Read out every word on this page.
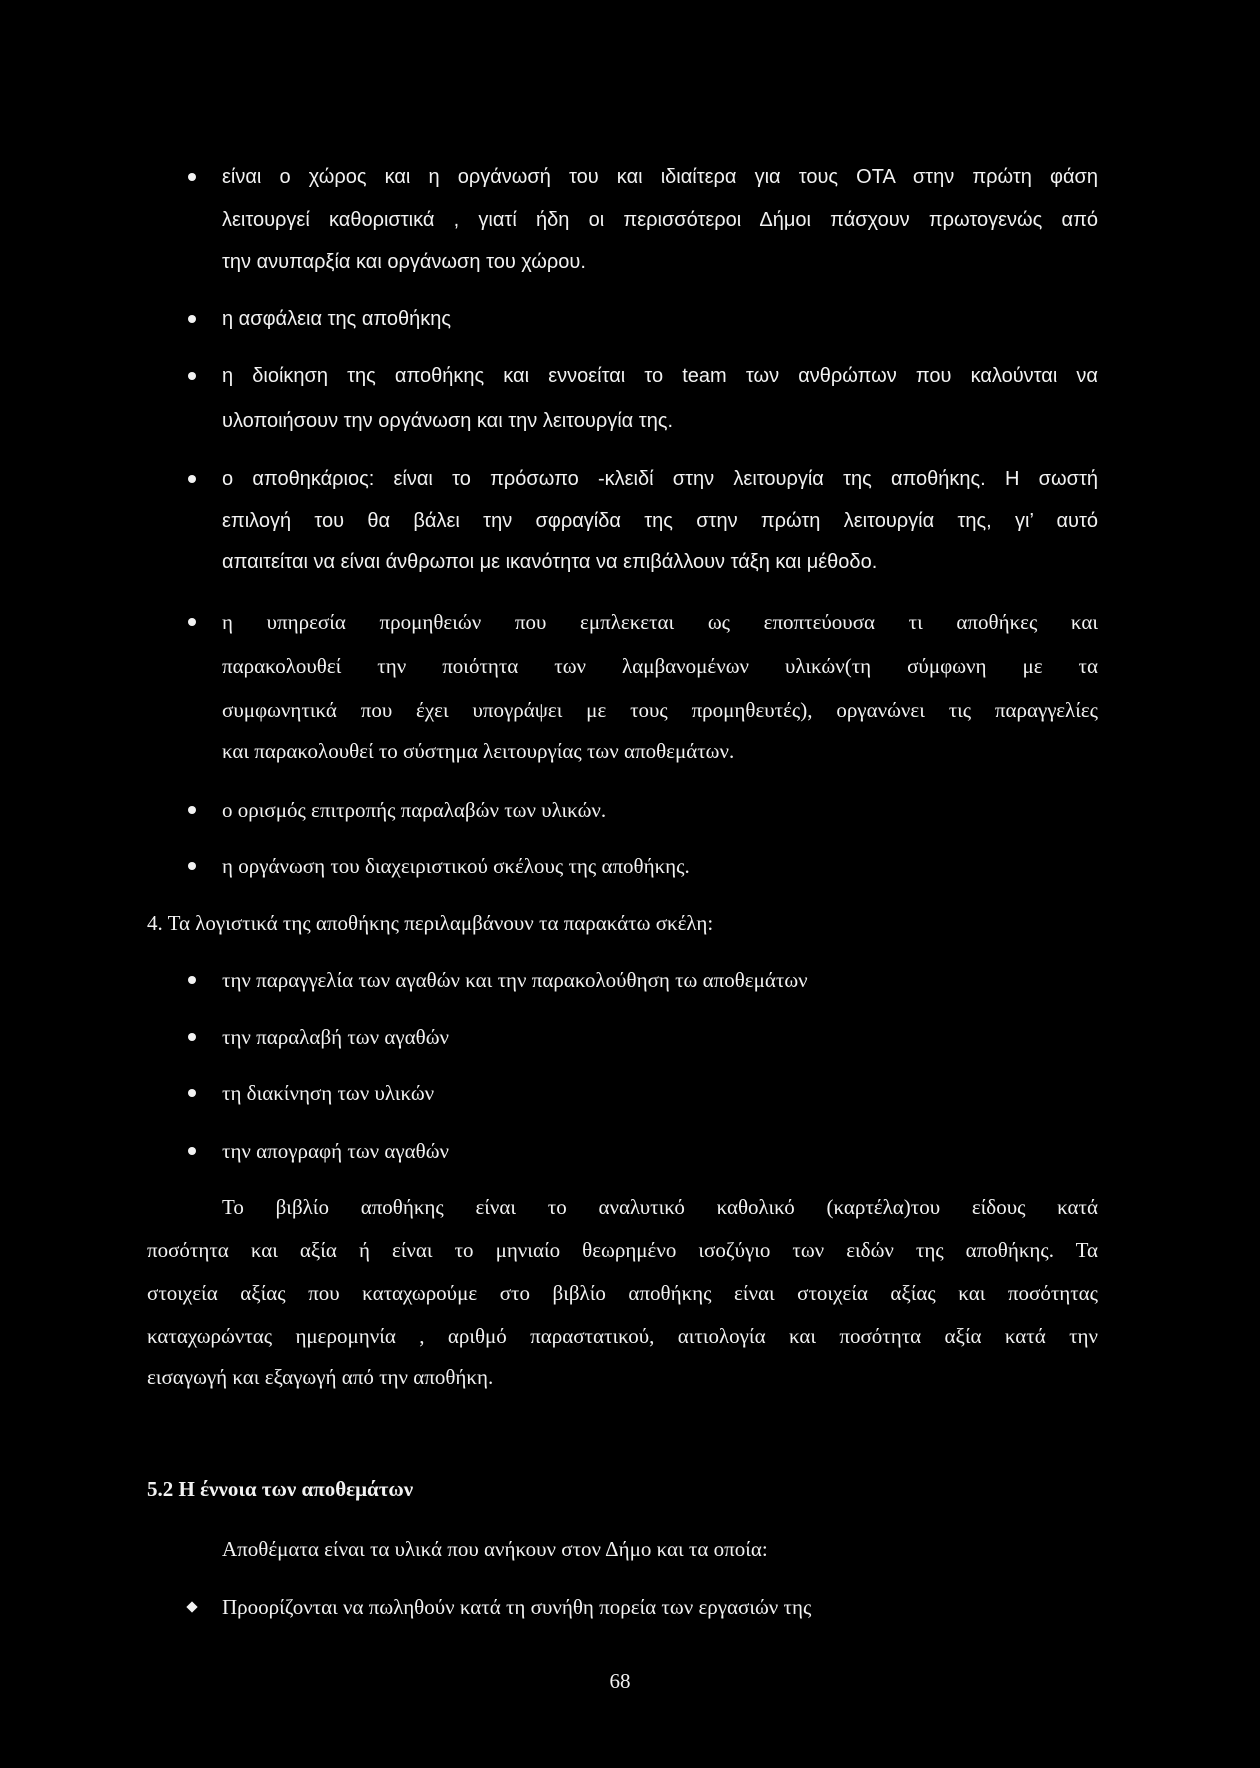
είναι ο χώρος και η οργάνωσή του και ιδιαίτερα για τους ΟΤΑ στην πρώτη φάση
λειτουργεί καθοριστικά , γιατί ήδη οι περισσότεροι Δήμοι πάσχουν πρωτογενώς από
την ανυπαρξία και οργάνωση του χώρου.
η ασφάλεια της αποθήκης
η διοίκηση της αποθήκης και εννοείται το team των ανθρώπων που καλούνται να
υλοποιήσουν την οργάνωση και την λειτουργία της.
ο αποθηκάριος: είναι το πρόσωπο -κλειδί στην λειτουργία της αποθήκης. Η σωστή
επιλογή του θα βάλει την σφραγίδα της στην πρώτη λειτουργία της, γι’ αυτό
απαιτείται να είναι άνθρωποι με ικανότητα να επιβάλλουν τάξη και μέθοδο.
η υπηρεσία προμηθειών που εμπλεκεται ως εποπτεύουσα τι αποθήκες και
παρακολουθεί την ποιότητα των λαμβανομένων υλικών(τη σύμφωνη με τα
συμφωνητικά που έχει υπογράψει με τους προμηθευτές), οργανώνει τις παραγγελίες
και παρακολουθεί το σύστημα λειτουργίας των αποθεμάτων.
ο ορισμός επιτροπής παραλαβών των υλικών.
η οργάνωση του διαχειριστικού σκέλους της αποθήκης.
4. Τα λογιστικά της αποθήκης περιλαμβάνουν τα παρακάτω σκέλη:
την παραγγελία των αγαθών και την παρακολούθηση τω αποθεμάτων
την παραλαβή των αγαθών
τη διακίνηση των υλικών
την απογραφή των αγαθών
Το βιβλίο αποθήκης είναι το αναλυτικό καθολικό (καρτέλα)του είδους κατά
ποσότητα και αξία ή είναι το μηνιαίο θεωρημένο ισοζύγιο των ειδών της αποθήκης. Τα
στοιχεία αξίας που καταχωρούμε στο βιβλίο αποθήκης είναι στοιχεία αξίας και ποσότητας
καταχωρώντας ημερομηνία , αριθμό παραστατικού, αιτιολογία και ποσότητα αξία κατά την
εισαγωγή και εξαγωγή από την αποθήκη.
5.2 Η έννοια των αποθεμάτων
Αποθέματα είναι τα υλικά που ανήκουν στον Δήμο και τα οποία:
Προορίζονται να πωληθούν κατά τη συνήθη πορεία των εργασιών της
68
